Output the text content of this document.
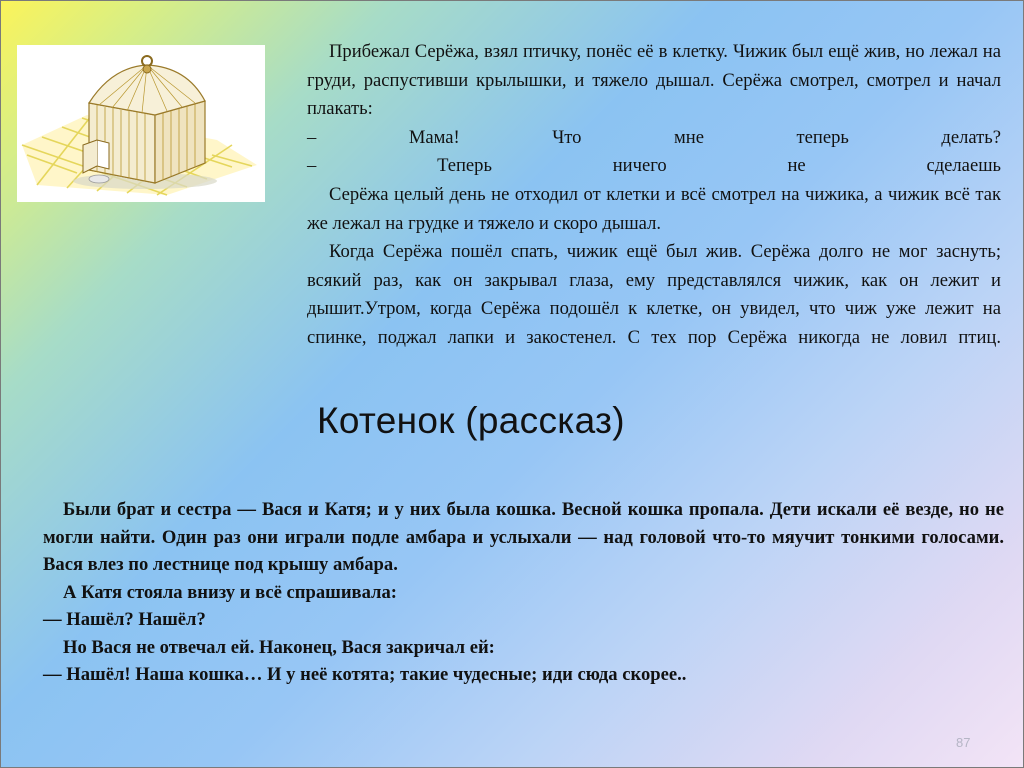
Прибежал Серёжа, взял птичку, понёс её в клетку. Чижик был ещё жив, но лежал на груди, распустивши крылышки, и тяжело дышал. Серёжа смотрел, смотрел и начал плакать:

– Мама! Что мне теперь делать?

– Теперь ничего не сделаешь

Серёжа целый день не отходил от клетки и всё смотрел на чижика, а чижик всё так же лежал на грудке и тяжело и скоро дышал.

Когда Серёжа пошёл спать, чижик ещё был жив. Серёжа долго не мог заснуть; всякий раз, как он закрывал глаза, ему представлялся чижик, как он лежит и дышит.Утром, когда Серёжа подошёл к клетке, он увидел, что чиж уже лежит на спинке, поджал лапки и закостенел. С тех пор Серёжа никогда не ловил птиц.

Котенок (рассказ)

Были брат и сестра — Вася и Катя; и у них была кошка. Весной кошка пропала. Дети искали её везде, но не могли найти. Один раз они играли подле амбара и услыхали — над головой что-то мяучит тонкими голосами. Вася влез по лестнице под крышу амбара.

А Катя стояла внизу и всё спрашивала:

— Нашёл? Нашёл?

Но Вася не отвечал ей. Наконец, Вася закричал ей:

— Нашёл! Наша кошка… И у неё котята; такие чудесные; иди сюда скорее..

87
